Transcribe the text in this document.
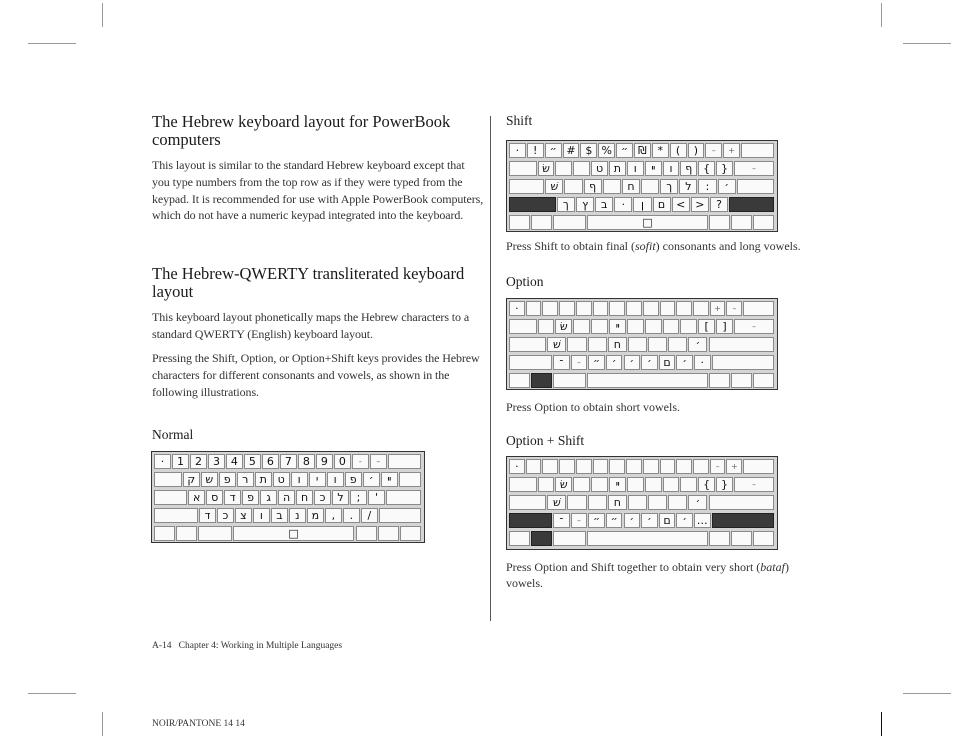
The Hebrew keyboard layout for PowerBook computers

This layout is similar to the standard Hebrew keyboard except that you type numbers from the top row as if they were typed from the keypad. It is recommended for use with Apple PowerBook computers, which do not have a numeric keypad integrated into the keyboard.

The Hebrew-QWERTY transliterated keyboard layout

This keyboard layout phonetically maps the Hebrew characters to a standard QWERTY (English) keyboard layout.

Pressing the Shift, Option, or Option+Shift keys provides the Hebrew characters for different consonants and vowels, as shown in the following illustrations.

Normal
·	1 2 3 4 5 6 7	8 9 0	-	–
ק ש פ	ר	ת ט	ו	י	ו	פ	׳	ײ
א ס	ד	פ	ג	ה ח	כ	ל	;	'
ד	כ	צ	ו	ב	נ	מ	,	.	/
□
Shift
·	!	״ # $ % ״ ₪ *	(	)	–	+
שׂ	ט ת	ו	ײ	ו	ף { }	–
שׁ	ף	ח	ך	ל	:	׳
ך	ץ	ב	·	ן	ם < >	?
□

Press Shift to obtain final (sofit) consonants and long vowels.

Option
·	+	–
שׂ	ײ	[	]	–
שׁ	ח	׳
־	–	״	׳	׳	׳	ם	׳	·

Press Option to obtain short vowels.

Option + Shift
·	–	+
שׂ	ײ	{ }	–
שׁ	ח	׳
־	–	״ ״	׳	׳	ם	׳ …

Press Option and Shift together to obtain very short (bataf) vowels.

A-14 Chapter 4: Working in Multiple Languages
NOIR/PANTONE 14 14
